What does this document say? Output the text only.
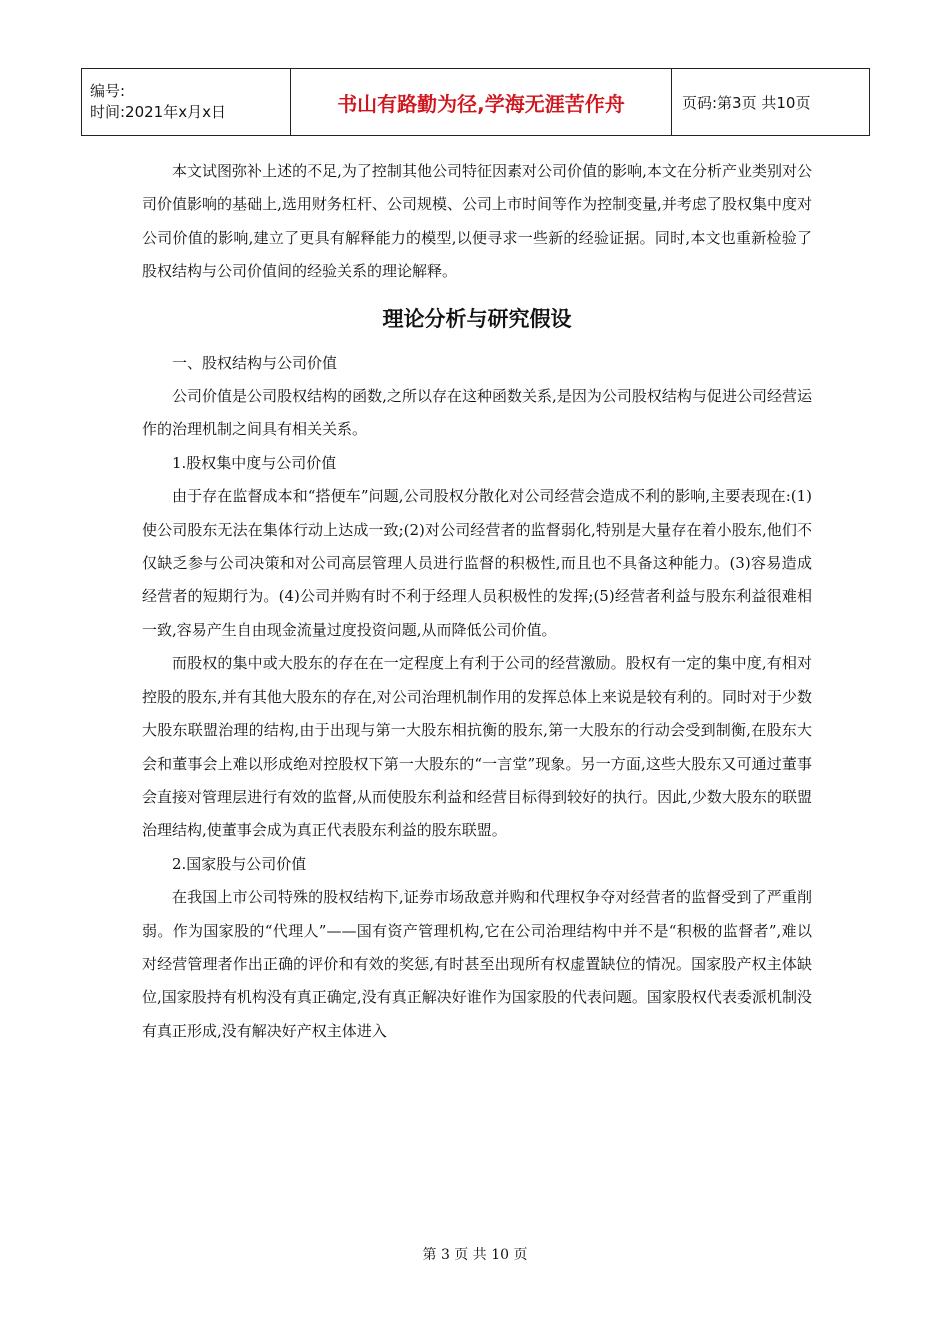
编号:
时间:2021年x月x日	书山有路勤为径,学海无涯苦作舟	页码:第3页 共10页

本文试图弥补上述的不足,为了控制其他公司特征因素对公司价值的影响,本文在分析产业类别对公司价值影响的基础上,选用财务杠杆、公司规模、公司上市时间等作为控制变量,并考虑了股权集中度对公司价值的影响,建立了更具有解释能力的模型,以便寻求一些新的经验证据。同时,本文也重新检验了股权结构与公司价值间的经验关系的理论解释。

理论分析与研究假设

一、股权结构与公司价值

公司价值是公司股权结构的函数,之所以存在这种函数关系,是因为公司股权结构与促进公司经营运作的治理机制之间具有相关关系。

1.股权集中度与公司价值

由于存在监督成本和“搭便车”问题,公司股权分散化对公司经营会造成不利的影响,主要表现在:(1)使公司股东无法在集体行动上达成一致;(2)对公司经营者的监督弱化,特别是大量存在着小股东,他们不仅缺乏参与公司决策和对公司高层管理人员进行监督的积极性,而且也不具备这种能力。(3)容易造成经营者的短期行为。(4)公司并购有时不利于经理人员积极性的发挥;(5)经营者利益与股东利益很难相一致,容易产生自由现金流量过度投资问题,从而降低公司价值。

而股权的集中或大股东的存在在一定程度上有利于公司的经营激励。股权有一定的集中度,有相对控股的股东,并有其他大股东的存在,对公司治理机制作用的发挥总体上来说是较有利的。同时对于少数大股东联盟治理的结构,由于出现与第一大股东相抗衡的股东,第一大股东的行动会受到制衡,在股东大会和董事会上难以形成绝对控股权下第一大股东的“一言堂”现象。另一方面,这些大股东又可通过董事会直接对管理层进行有效的监督,从而使股东利益和经营目标得到较好的执行。因此,少数大股东的联盟治理结构,使董事会成为真正代表股东利益的股东联盟。

2.国家股与公司价值

在我国上市公司特殊的股权结构下,证券市场敌意并购和代理权争夺对经营者的监督受到了严重削弱。作为国家股的“代理人”——国有资产管理机构,它在公司治理结构中并不是“积极的监督者”,难以对经营管理者作出正确的评价和有效的奖惩,有时甚至出现所有权虚置缺位的情况。国家股产权主体缺位,国家股持有机构没有真正确定,没有真正解决好谁作为国家股的代表问题。国家股权代表委派机制没有真正形成,没有解决好产权主体进入

第 3 页 共 10 页
